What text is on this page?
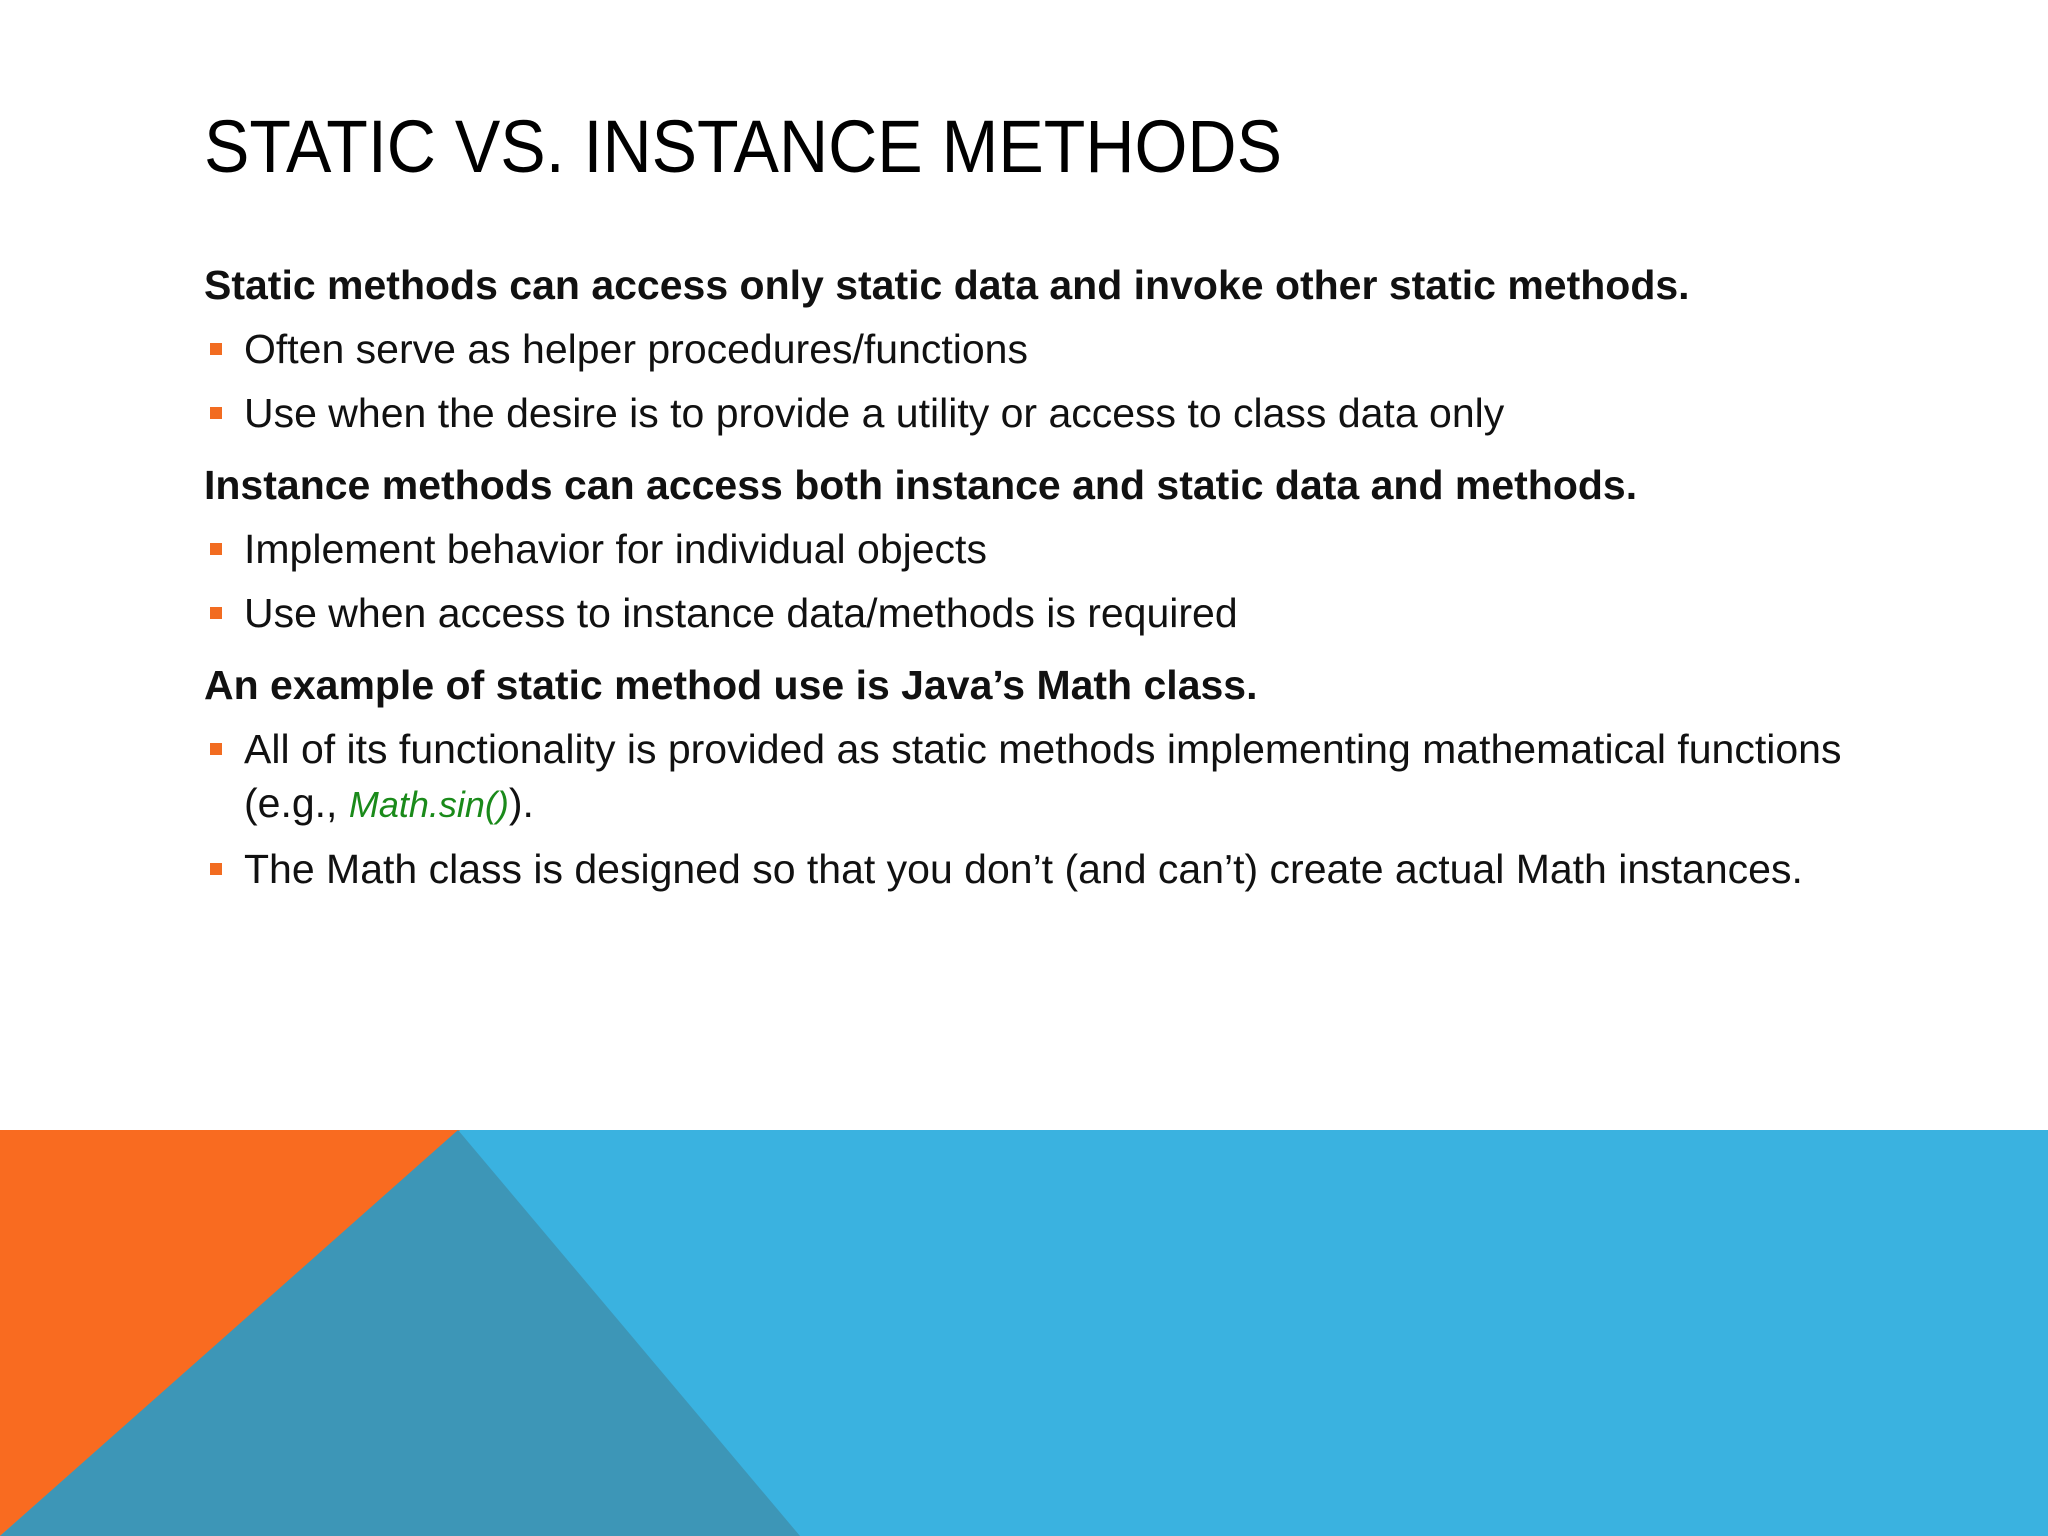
STATIC VS. INSTANCE METHODS

Static methods can access only static data and invoke other static methods.

Often serve as helper procedures/functions
Use when the desire is to provide a utility or access to class data only

Instance methods can access both instance and static data and methods.

Implement behavior for individual objects
Use when access to instance data/methods is required

An example of static method use is Java’s Math class.

All of its functionality is provided as static methods implementing mathematical functions (e.g., Math.sin()).
The Math class is designed so that you don’t (and can’t) create actual Math instances.
